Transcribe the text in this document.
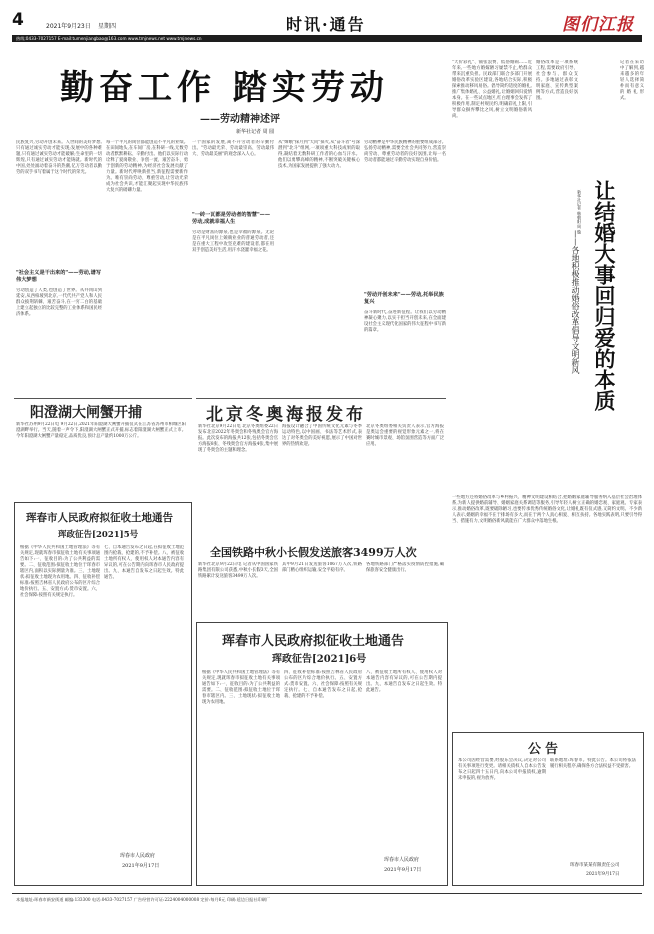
4	2021年9月23日 星期四	时讯·通告	图们江报
热线:0433-7027157 E-mail:tumenjiangbao@163.com www.tmjnews.net www.tmjnews.cn
勤奋工作 踏实劳动
——劳动精神述评
新华社记者 周 圆
民族复兴,劳动开创未来。人世间的美好梦想,只有通过诚实劳动才能实现;发展中的各种难题,只有通过诚实劳动才能破解;生命里的一切辉煌,只有通过诚实劳动才能铸就。新时代的中国,处处涌动着奋斗的热潮,亿万劳动者以勤劳的双手书写着属于这个时代的荣光。
"社会主义是干出来的"——劳动,谱写伟大梦想
劳动创造了人类,也创造了世界。从井冈山到延安,从西柏坡到北京,一代代共产党人和人民群众披荆斩棘、艰苦奋斗,在一穷二白的基础上建立起独立的比较完整的工业体系和国民经济体系。
每一个平凡的岗位都能创造不平凡的业绩。在田间地头,在车间厂房,在科研一线,无数劳动者默默耕耘、辛勤付出。他们以实际行动诠释了爱岗敬业、争创一流、艰苦奋斗、勇于创新的劳动精神,为经济社会发展贡献了力量。新时代呼唤新担当,新征程需要新作为。唯有崇尚劳动、尊重劳动,让劳动光荣成为社会共识,才能汇聚起实现中华民族伟大复兴的磅礴力量。
一个国家的发展,离不开劳动者的辛勤付出。"劳动最光荣、劳动最崇高、劳动最伟大、劳动最美丽"的观念深入人心。
"一砖一瓦都是劳动者的智慧"——劳动,成就幸福人生
劳动是财富的源泉,也是幸福的源泉。无论是在平凡岗位上兢兢业业的普通劳动者,还是在重大工程中攻坚克难的建设者,都在用双手创造美好生活,用汗水浇灌幸福之花。
从"嫦娥"探月到"天问"探火,从"奋斗者"号深潜到"北斗"组网,一项项重大科技成果的取得,凝结着无数科研工作者的心血与汗水。他们以勇攀高峰的精神,不断突破关键核心技术,为国家发展提供了强大动力。
劳动精神是中华民族精神的重要组成部分。弘扬劳动精神,需要全社会共同努力,营造崇尚劳动、尊重劳动者的良好氛围,让每一名劳动者都能通过辛勤劳动实现自身价值。
"劳动开创未来"——劳动,托举民族复兴
奋斗新时代,奋进新征程。让我们以劳动精神凝心聚力,以实干担当开创未来,在全面建设社会主义现代化国家的伟大征程中书写新的篇章。
"天价彩礼"、铺张浪费、低俗婚闹……近年来,一些地方婚嫁陋习屡禁不止,给群众带来沉重负担。民政部门联合多部门开展婚俗改革实验区建设,各地结合实际,积极探索推动移风易俗。倡导简约适度的婚礼,推广集体婚礼、公益婚礼,让婚姻回归爱情本身。在一些试点地区,红白理事会发挥了积极作用,制定村规民约,明确彩礼上限,引导群众摒弃攀比之风,树立文明婚俗新风尚。
婚俗改革是一项系统工程,需要政府引导、社会参与、群众支持。多地通过表彰文明家庭、宣传典型案例等方式,营造良好氛围。
让结婚大事回归爱的本质
——各地积极推动婚俗改革倡导文明新风
新华社记者 韩朝阳 周 璇
记者在采访中了解到,越来越多的年轻人选择简朴而有意义的婚礼形式。
一些地方还将婚俗改革与乡村振兴、精神文明建设相结合,把婚姻家庭辅导服务纳入基层社会治理体系,为新人提供婚前辅导、婚姻家庭关系调适等服务,引导年轻人树立正确的婚恋观、家庭观。专家表示,推动婚俗改革,既要破除陋习,也要传承优秀传统婚俗文化,让婚礼既有仪式感,又简约文明。不少新人表示,婚姻的幸福不在于排场有多大,而在于两个人真心相爱、相互扶持。各地实践表明,只要引导得当、措施有力,文明婚俗新风就能在广大群众中落地生根。
阳澄湖大闸蟹开捕
新华社苏州9月22日电 9月22日,2021年阳澄湖大闸蟹开捕仪式在江苏省苏州市相城区阳澄湖畔举行。当天,随着一声令下,阳澄湖大闸蟹正式开捕,标志着阳澄湖大闸蟹正式上市。今年阳澄湖大闸蟹产量稳定,品质优良,预计总产量约1000万公斤。
北京冬奥海报发布
新华社北京9月22日电 北京冬奥组委22日发布北京2022年冬奥会和冬残奥会官方海报。此次发布的海报共12张,包括冬奥会官方海报8张、冬残奥会官方海报4张,集中展现了冬奥会的主题和理念。
海报设计融合了中国传统文化元素与冬季运动特色,以中国画、书法等艺术形式,表达了对冬奥会的美好祝愿,展示了中国对世界的热情欢迎。
北京冬奥组委相关负责人表示,官方海报是奥运会重要的视觉形象元素之一,将在赛时城市景观、场馆氛围营造等方面广泛应用。
全国铁路中秋小长假发送旅客3499万人次
新华社北京9月22日电 记者从中国国家铁路集团有限公司获悉,中秋小长假3天,全国铁路累计发送旅客3499万人次。
其中9月21日发送旅客1067万人次,铁路部门精心组织运输,安全平稳有序。
各地铁路部门严格落实疫情防控措施,确保旅客安全健康出行。
珲春市人民政府拟征收土地通告
珲政征告[2021]5号
根据《中华人民共和国土地管理法》等有关规定,现就珲春市拟征收土地有关事项通告如下:一、征收目的:为了公共利益的需要。二、征收范围:拟征收土地位于珲春市辖区内,面积以实际测量为准。三、土地现状:拟征收土地现为农用地。四、征收补偿标准:按照吉林省人民政府公布的区片综合地价执行。五、安置方式:货币安置。六、社会保障:按照有关规定执行。
七、自本通告发布之日起,在拟征收土地范围内抢栽、抢建的,不予补偿。八、被征收土地所有权人、使用权人对本通告内容有异议的,可在公告期内向珲春市人民政府提出。九、本通告自发布之日起生效。特此通告。
珲春市人民政府
2021年9月17日
珲春市人民政府拟征收土地通告
珲政征告[2021]6号
根据《中华人民共和国土地管理法》等有关规定,现就珲春市拟征收土地有关事项通告如下:一、征收目的:为了公共利益的需要。二、征收范围:拟征收土地位于珲春市辖区内。三、土地现状:拟征收土地现为农用地。
四、征收补偿标准:按照吉林省人民政府公布的区片综合地价执行。五、安置方式:货币安置。六、社会保障:按照有关规定执行。七、自本通告发布之日起,抢栽、抢建的不予补偿。
八、被征收土地所有权人、使用权人对本通告内容有异议的,可在公告期内提出。九、本通告自发布之日起生效。特此通告。
珲春市人民政府
2021年9月17日
公告
本公司因经营需要,经股东会决议,决定对公司有关事项进行变更。请相关债权人自本公告发布之日起四十五日内,向本公司申报债权,逾期未申报的,视为放弃。
联系地址:珲春市。特此公告。本公司将依法履行相关程序,确保各方合法权益不受损害。
珲春市某某有限责任公司
2021年9月17日
本报地址:珲春市新安街道 邮编:133300 电话:0433-7027157 广告经营许可证:2224004000008 定价:每月6元 印刷:延边日报社印刷厂
